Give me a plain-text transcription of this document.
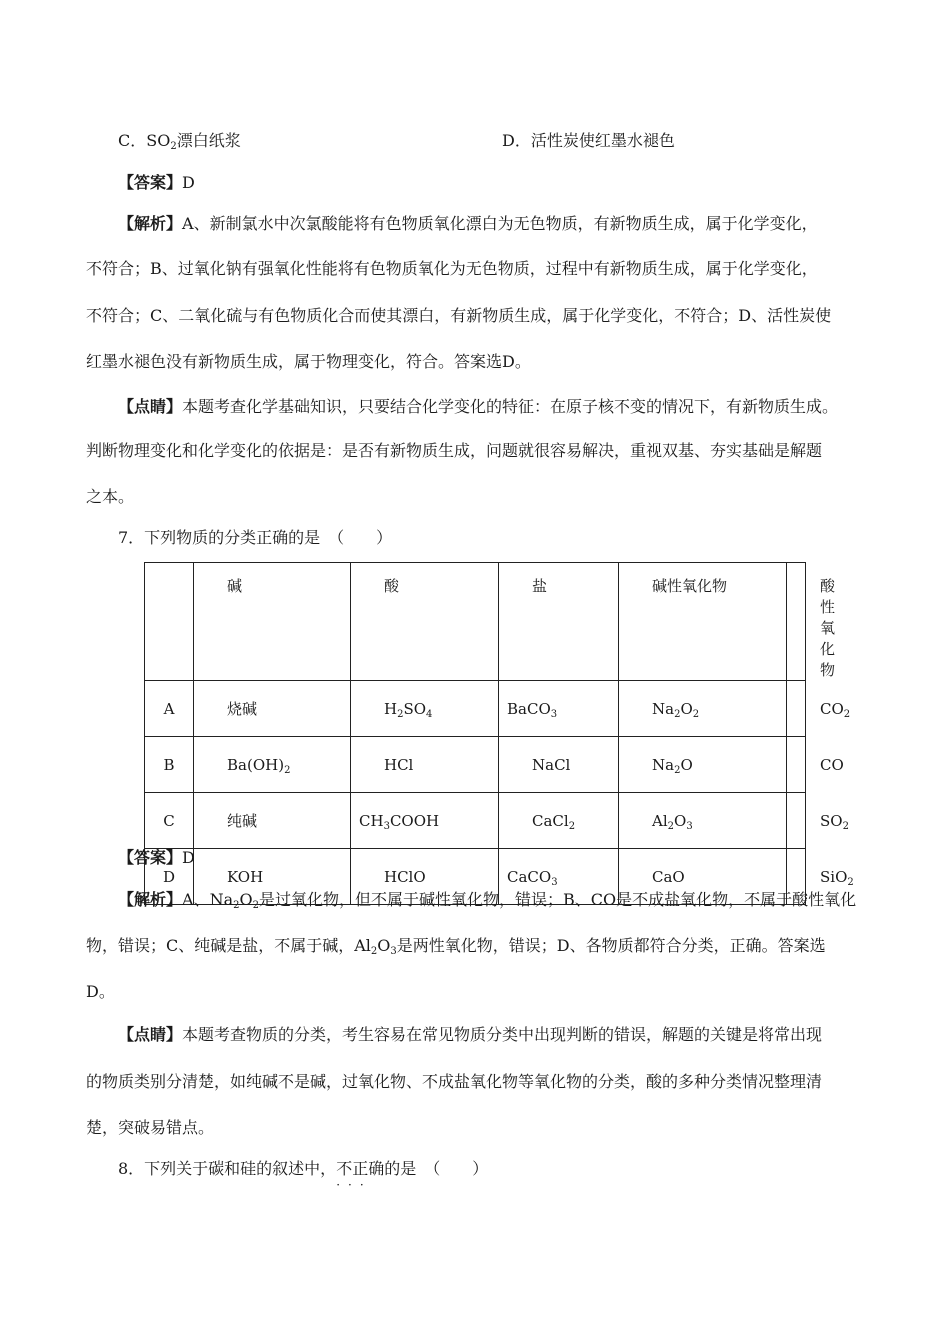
C．$SO_2$漂白纸浆	D．活性炭使红墨水褪色
【答案】D
【解析】A、新制氯水中次氯酸能将有色物质氧化漂白为无色物质，有新物质生成，属于化学变化，
不符合；B、过氧化钠有强氧化性能将有色物质氧化为无色物质，过程中有新物质生成，属于化学变化，
不符合；C、二氧化硫与有色物质化合而使其漂白，有新物质生成，属于化学变化，不符合；D、活性炭使
红墨水褪色没有新物质生成，属于物理变化，符合。答案选D。
【点睛】本题考查化学基础知识，只要结合化学变化的特征：在原子核不变的情况下，有新物质生成。
判断物理变化和化学变化的依据是：是否有新物质生成，问题就很容易解决，重视双基、夯实基础是解题
之本。
7．下列物质的分类正确的是　（　　）
	碱	酸	盐	碱性氧化物	酸性氧化物
A	烧碱	$H_2SO_4$	BaCO$_3$	$Na_2O_2$	$CO_2$
B	$Ba(OH)_2$	HCl	NaCl	$Na_2O$	CO
C	纯碱	$CH_3COOH$	CaCl$_2$	$Al_2O_3$	$SO_2$
D	KOH	HClO	CaCO$_3$	CaO	SiO$_2$
【答案】D
【解析】A、$Na_2O_2$是过氧化物，但不属于碱性氧化物，错误；B、CO是不成盐氧化物，不属于酸性氧化
物，错误；C、纯碱是盐，不属于碱，$Al_2O_3$是两性氧化物，错误；D、各物质都符合分类，正确。答案选
D。
【点睛】本题考查物质的分类，考生容易在常见物质分类中出现判断的错误，解题的关键是将常出现
的物质类别分清楚，如纯碱不是碱，过氧化物、不成盐氧化物等氧化物的分类，酸的多种分类情况整理清
楚，突破易错点。
8．下列关于碳和硅的叙述中，不正确
···
的是　（　　）
